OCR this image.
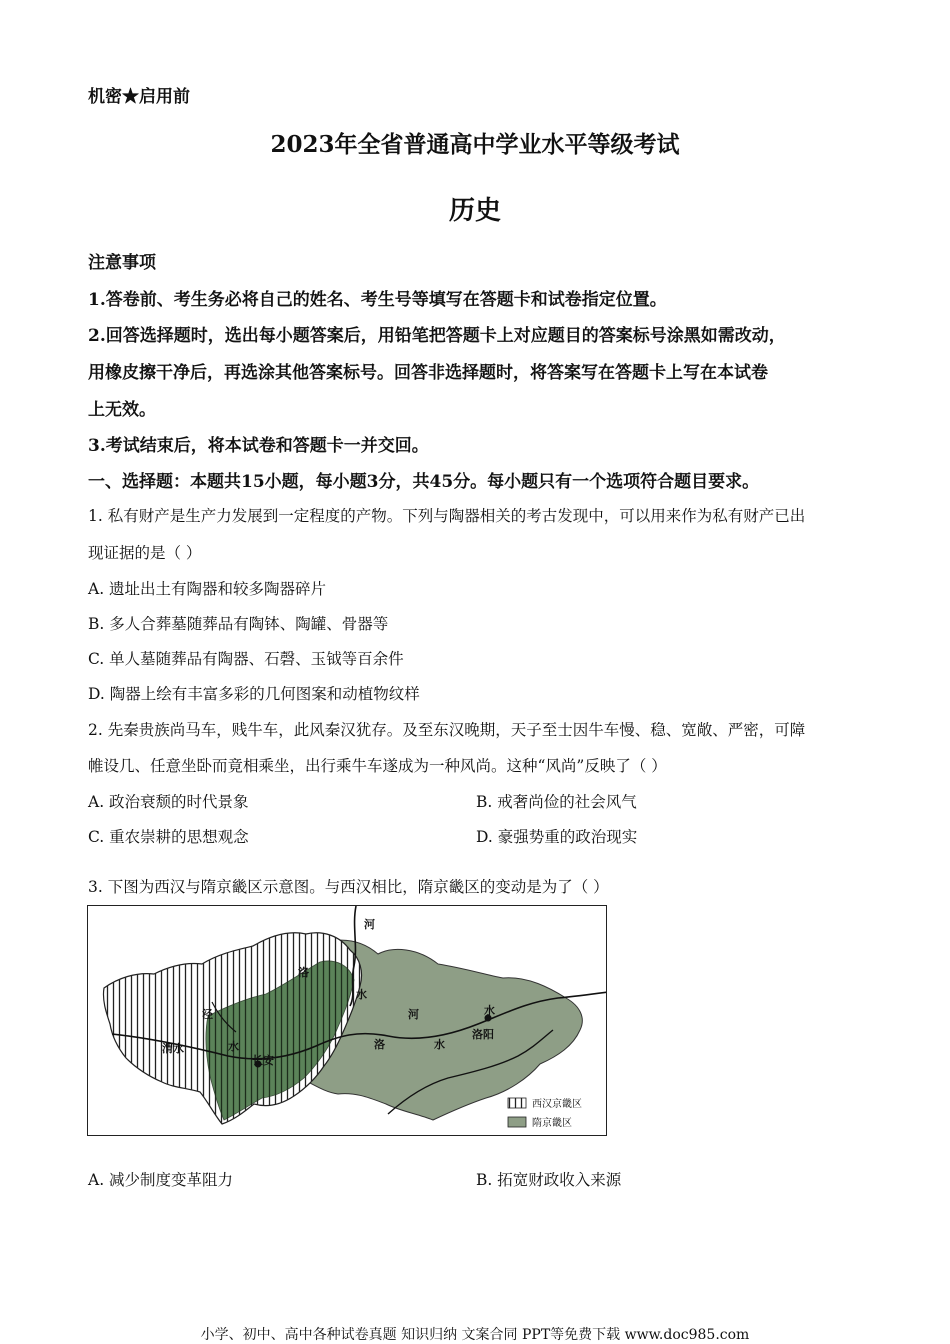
机密★启用前
2023年全省普通高中学业水平等级考试
历史
注意事项
1.答卷前、考生务必将自己的姓名、考生号等填写在答题卡和试卷指定位置。
2.回答选择题时，选出每小题答案后，用铅笔把答题卡上对应题目的答案标号涂黑如需改动，
用橡皮擦干净后，再选涂其他答案标号。回答非选择题时，将答案写在答题卡上写在本试卷
上无效。
3.考试结束后，将本试卷和答题卡一并交回。
一、选择题：本题共15小题，每小题3分，共45分。每小题只有一个选项符合题目要求。
1. 私有财产是生产力发展到一定程度的产物。下列与陶器相关的考古发现中，可以用来作为私有财产已出
现证据的是（ ）
A. 遗址出土有陶器和较多陶器碎片
B. 多人合葬墓随葬品有陶钵、陶罐、骨器等
C. 单人墓随葬品有陶器、石磬、玉钺等百余件
D. 陶器上绘有丰富多彩的几何图案和动植物纹样
2. 先秦贵族尚马车，贱牛车，此风秦汉犹存。及至东汉晚期，天子至士因牛车慢、稳、宽敞、严密，可障
帷设几、任意坐卧而竟相乘坐，出行乘牛车遂成为一种风尚。这种“风尚”反映了（ ）
A. 政治衰颓的时代景象	B. 戒奢尚俭的社会风气
C. 重农崇耕的思想观念	D. 豪强势重的政治现实
3. 下图为西汉与隋京畿区示意图。与西汉相比，隋京畿区的变动是为了（ ）
河
洛
水
泾
渭水	水
长安
河	水
洛	水
洛阳
西汉京畿区
隋京畿区
A. 减少制度变革阻力	B. 拓宽财政收入来源
小学、初中、高中各种试卷真题 知识归纳 文案合同 PPT等免费下载 www.doc985.com
